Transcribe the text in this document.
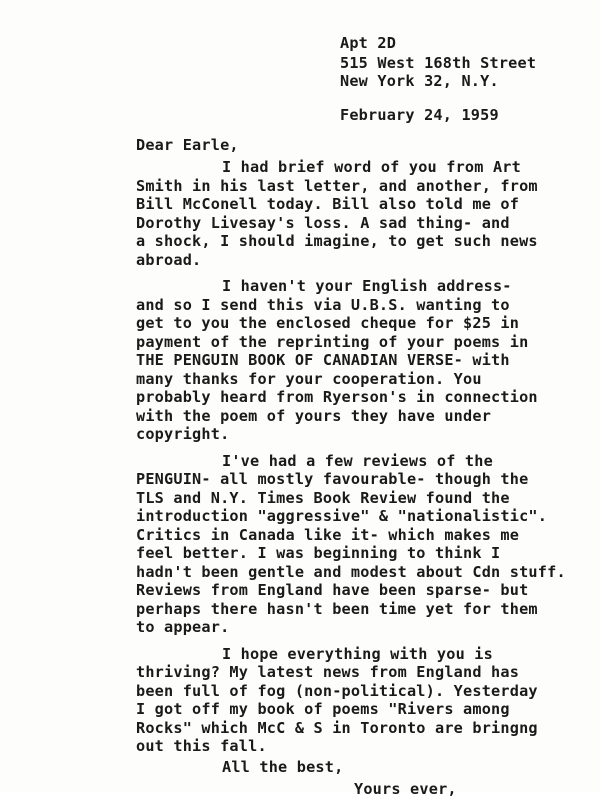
Apt 2D
515 West 168th Street
New York 32, N.Y.
February 24, 1959
Dear Earle,
I had brief word of you from Art
Smith in his last letter, and another, from
Bill McConell today. Bill also told me of
Dorothy Livesay's loss. A sad thing- and
a shock, I should imagine, to get such news
abroad.
I haven't your English address-
and so I send this via U.B.S. wanting to
get to you the enclosed cheque for $25 in
payment of the reprinting of your poems in
THE PENGUIN BOOK OF CANADIAN VERSE- with
many thanks for your cooperation. You
probably heard from Ryerson's in connection
with the poem of yours they have under
copyright.
I've had a few reviews of the
PENGUIN- all mostly favourable- though the
TLS and N.Y. Times Book Review found the
introduction "aggressive" & "nationalistic".
Critics in Canada like it- which makes me
feel better. I was beginning to think I
hadn't been gentle and modest about Cdn stuff.
Reviews from England have been sparse- but
perhaps there hasn't been time yet for them
to appear.
I hope everything with you is
thriving? My latest news from England has
been full of fog (non-political). Yesterday
I got off my book of poems "Rivers among
Rocks" which McC & S in Toronto are bringng
out this fall.
All the best,
Yours ever,
